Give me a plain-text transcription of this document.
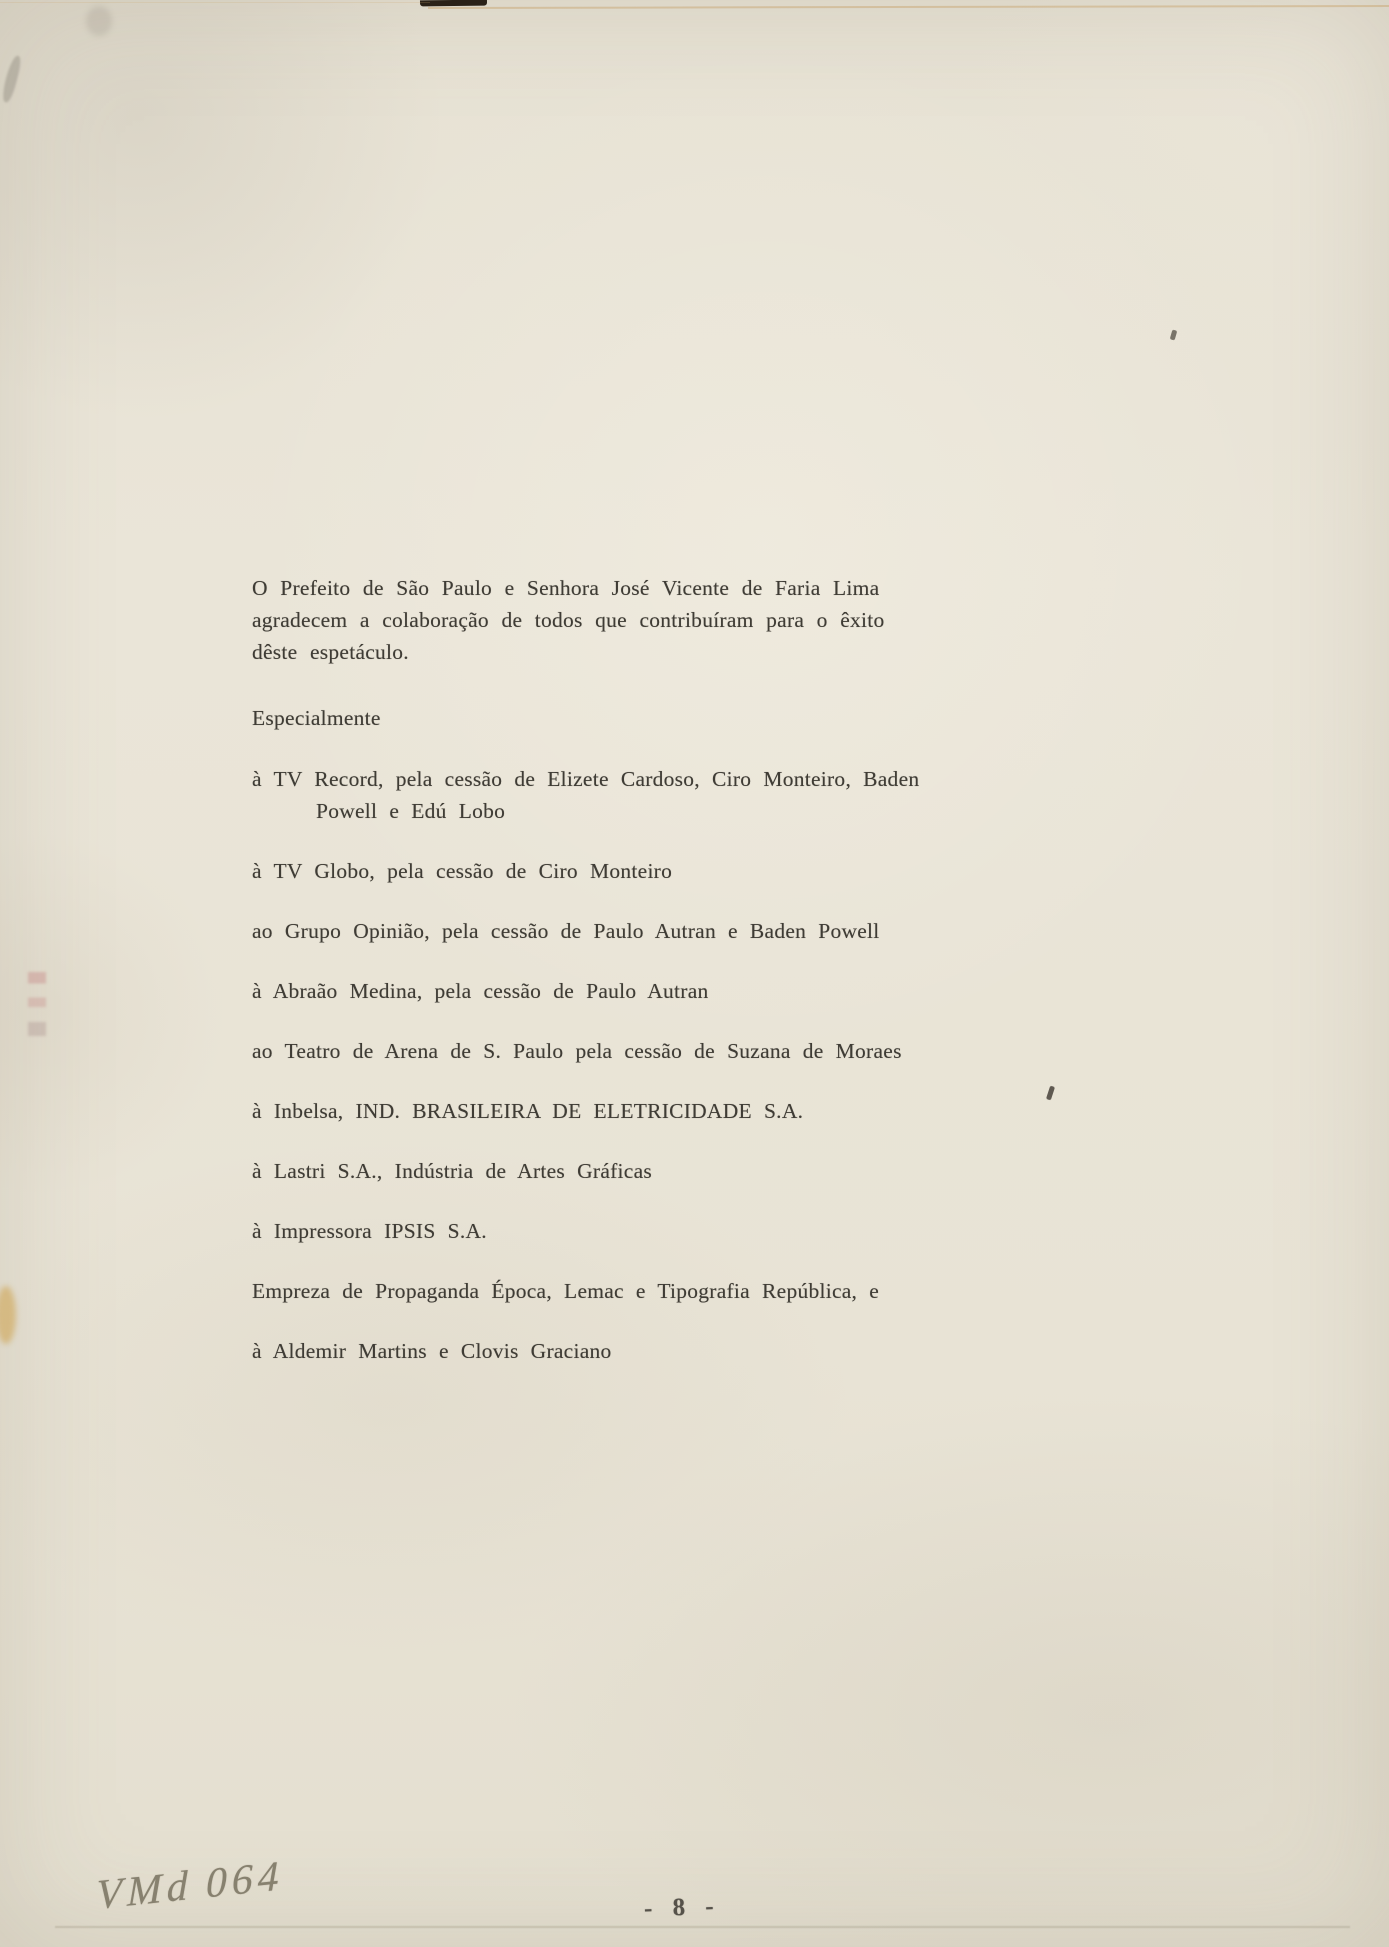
O Prefeito de São Paulo e Senhora José Vicente de Faria Lima
agradecem a colaboração de todos que contribuíram para o êxito
dêste espetáculo.
Especialmente
à TV Record, pela cessão de Elizete Cardoso, Ciro Monteiro, Baden
Powell e Edú Lobo
à TV Globo, pela cessão de Ciro Monteiro
ao Grupo Opinião, pela cessão de Paulo Autran e Baden Powell
à Abraão Medina, pela cessão de Paulo Autran
ao Teatro de Arena de S. Paulo pela cessão de Suzana de Moraes
à Inbelsa, IND. BRASILEIRA DE ELETRICIDADE S.A.
à Lastri S.A., Indústria de Artes Gráficas
à Impressora IPSIS S.A.
Empreza de Propaganda Época, Lemac e Tipografia República, e
à Aldemir Martins e Clovis Graciano
VMd 064	- 8 -
